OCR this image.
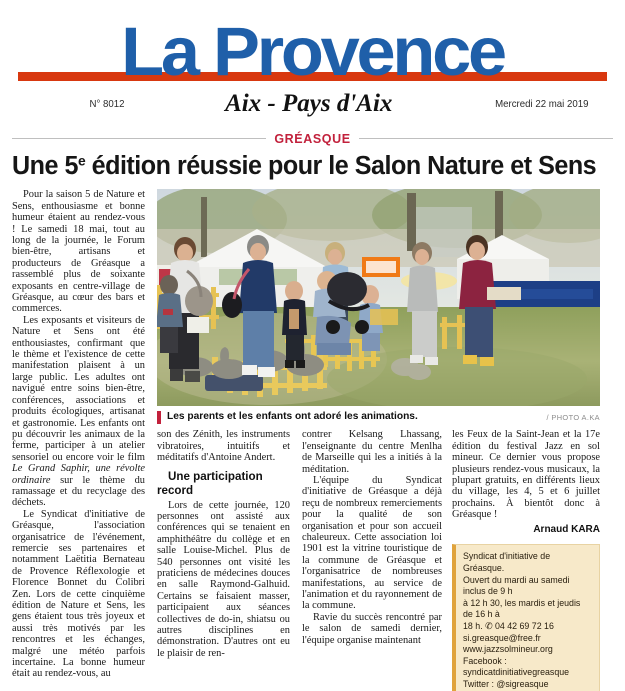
La Provence
N° 8012	Aix - Pays d'Aix	Mercredi 22 mai 2019
GRÉASQUE
Une 5e édition réussie pour le Salon Nature et Sens
Les parents et les enfants ont adoré les animations.	/ PHOTO A.KA

Pour la saison 5 de Nature et Sens, enthousiasme et bonne humeur étaient au rendez-vous ! Le samedi 18 mai, tout au long de la journée, le Forum bien-être, artisans et producteurs de Gréasque a rassemblé plus de soixante exposants en centre-village de Gréasque, au cœur des bars et commerces.

Les exposants et visiteurs de Nature et Sens ont été enthousiastes, confirmant que le thème et l'existence de cette manifestation plaisent à un large public. Les adultes ont navigué entre soins bien-être, conférences, associations et produits écologiques, artisanat et gastronomie. Les enfants ont pu découvrir les animaux de la ferme, participer à un atelier sensoriel ou encore voir le film Le Grand Saphir, une révolte ordinaire sur le thème du ramassage et du recyclage des déchets.

Le Syndicat d'initiative de Gréasque, l'association organisatrice de l'événement, remercie ses partenaires et notamment Laëtitia Bernateau de Provence Réflexologie et Florence Bonnet du Colibri Zen. Lors de cette cinquième édition de Nature et Sens, les gens étaient tous très joyeux et aussi très motivés par les rencontres et les échanges, malgré une météo parfois incertaine. La bonne humeur était au rendez-vous, au

son des Zénith, les instruments vibratoires, intuitifs et méditatifs d'Antoine Andert.

Une participation record

Lors de cette journée, 120 personnes ont assisté aux conférences qui se tenaient en amphithéâtre du collège et en salle Louise-Michel. Plus de 540 personnes ont visité les praticiens de médecines douces en salle Raymond-Galhuid. Certains se faisaient masser, participaient aux séances collectives de do-in, shiatsu ou autres disciplines en démonstration. D'autres ont eu le plaisir de ren-

contrer Kelsang Lhassang, l'enseignante du centre Menlha de Marseille qui les a initiés à la méditation.

L'équipe du Syndicat d'initiative de Gréasque a déjà reçu de nombreux remerciements pour la qualité de son organisation et pour son accueil chaleureux. Cette association loi 1901 est la vitrine touristique de la commune de Gréasque et l'organisatrice de nombreuses manifestations, au service de l'animation et du rayonnement de la commune.

Ravie du succès rencontré par le salon de samedi dernier, l'équipe organise maintenant

les Feux de la Saint-Jean et la 17e édition du festival Jazz en sol mineur. Ce dernier vous propose plusieurs rendez-vous musicaux, la plupart gratuits, en différents lieux du village, les 4, 5 et 6 juillet prochains. À bientôt donc à Gréasque !

Arnaud KARA

Syndicat d'initiative de Gréasque.

Ouvert du mardi au samedi inclus de 9 h

à 12 h 30, les mardis et jeudis de 16 h à

18 h. ✆ 04 42 69 72 16

si.greasque@free.fr

www.jazzsolmineur.org

Facebook : syndicatdinitiativegreasque

Twitter : @sigreasque
